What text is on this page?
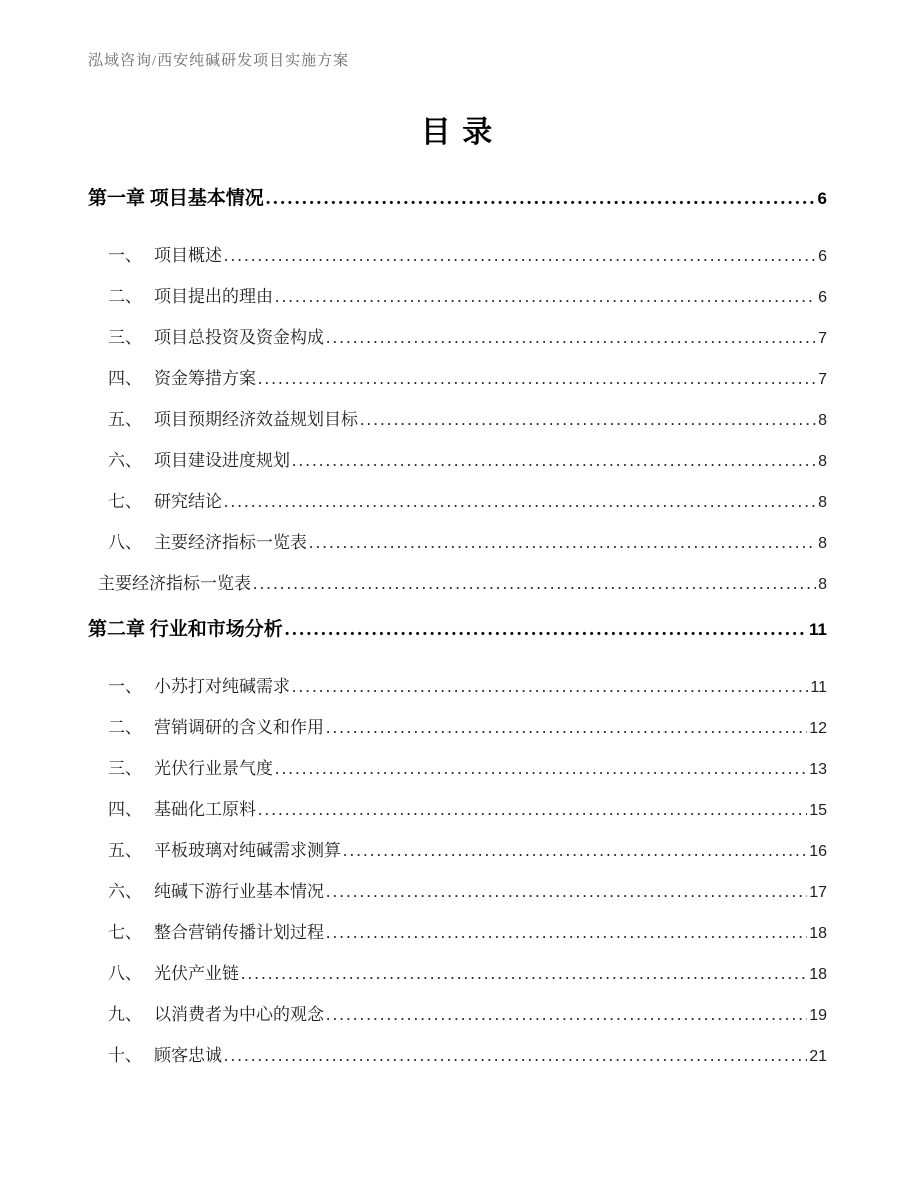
泓域咨询/西安纯碱研发项目实施方案
目 录
第一章 项目基本情况 .....	6
一、 项目概述 .....	6
二、 项目提出的理由 .....	6
三、 项目总投资及资金构成 .....	7
四、 资金筹措方案 .....	7
五、 项目预期经济效益规划目标 .....	8
六、 项目建设进度规划 .....	8
七、 研究结论 .....	8
八、 主要经济指标一览表 .....	8
主要经济指标一览表 .....	8
第二章 行业和市场分析 .....	11
一、 小苏打对纯碱需求 .....	11
二、 营销调研的含义和作用 .....	12
三、 光伏行业景气度 .....	13
四、 基础化工原料 .....	15
五、 平板玻璃对纯碱需求测算 .....	16
六、 纯碱下游行业基本情况 .....	17
七、 整合营销传播计划过程 .....	18
八、 光伏产业链 .....	18
九、 以消费者为中心的观念 .....	19
十、 顾客忠诚 .....	21
